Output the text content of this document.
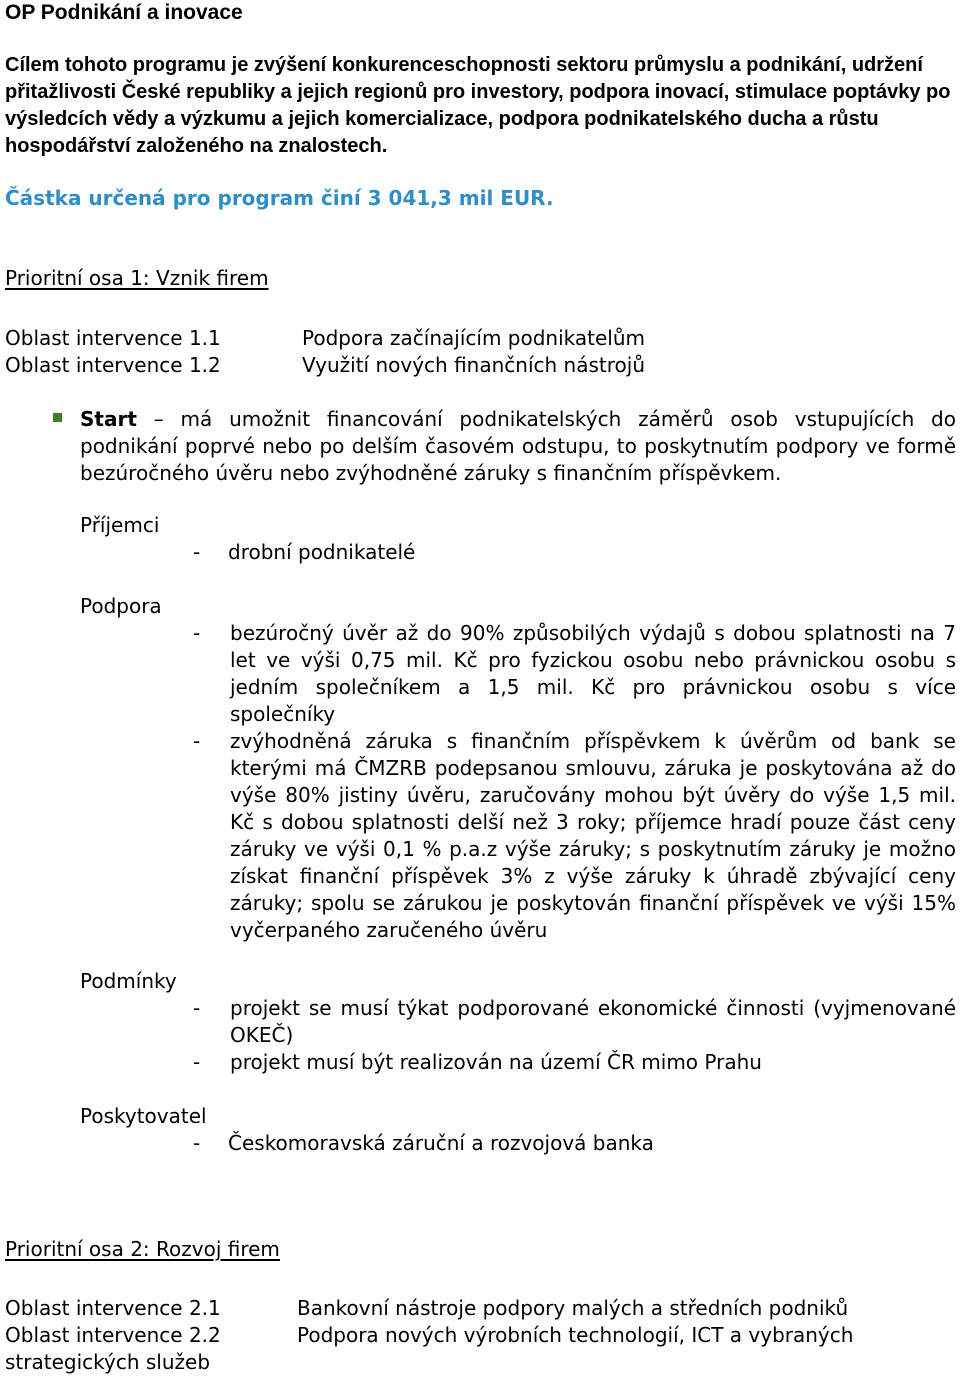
OP Podnikání a inovace
Cílem tohoto programu je zvýšení konkurenceschopnosti sektoru průmyslu a podnikání, udržení přitažlivosti České republiky a jejich regionů pro investory, podpora inovací, stimulace poptávky po výsledcích vědy a výzkumu a jejich komercializace, podpora podnikatelského ducha a růstu hospodářství založeného na znalostech.
Částka určená pro program činí 3 041,3 mil EUR.
Prioritní osa 1: Vznik firem
Oblast intervence 1.1	Podpora začínajícím podnikatelům
Oblast intervence 1.2	Využití nových finančních nástrojů
Start – má umožnit financování podnikatelských záměrů osob vstupujících do podnikání poprvé nebo po delším časovém odstupu, to poskytnutím podpory ve formě bezúročného úvěru nebo zvýhodněné záruky s finančním příspěvkem.
Příjemci
- drobní podnikatelé
Podpora
- bezúročný úvěr až do 90% způsobilých výdajů s dobou splatnosti na 7 let ve výši 0,75 mil. Kč pro fyzickou osobu nebo právnickou osobu s jedním společníkem a 1,5 mil. Kč pro právnickou osobu s více společníky
- zvýhodněná záruka s finančním příspěvkem k úvěrům od bank se kterými má ČMZRB podepsanou smlouvu, záruka je poskytována až do výše 80% jistiny úvěru, zaručovány mohou být úvěry do výše 1,5 mil. Kč s dobou splatnosti delší než 3 roky; příjemce hradí pouze část ceny záruky ve výši 0,1 % p.a.z výše záruky; s poskytnutím záruky je možno získat finanční příspěvek 3% z výše záruky k úhradě zbývající ceny záruky; spolu se zárukou je poskytován finanční příspěvek ve výši 15% vyčerpaného zaručeného úvěru
Podmínky
- projekt se musí týkat podporované ekonomické činnosti (vyjmenované OKEČ)
- projekt musí být realizován na území ČR mimo Prahu
Poskytovatel
- Českomoravská záruční a rozvojová banka
Prioritní osa 2: Rozvoj firem
Oblast intervence 2.1	Bankovní nástroje podpory malých a středních podniků
Oblast intervence 2.2	Podpora nových výrobních technologií, ICT a vybraných
strategických služeb
